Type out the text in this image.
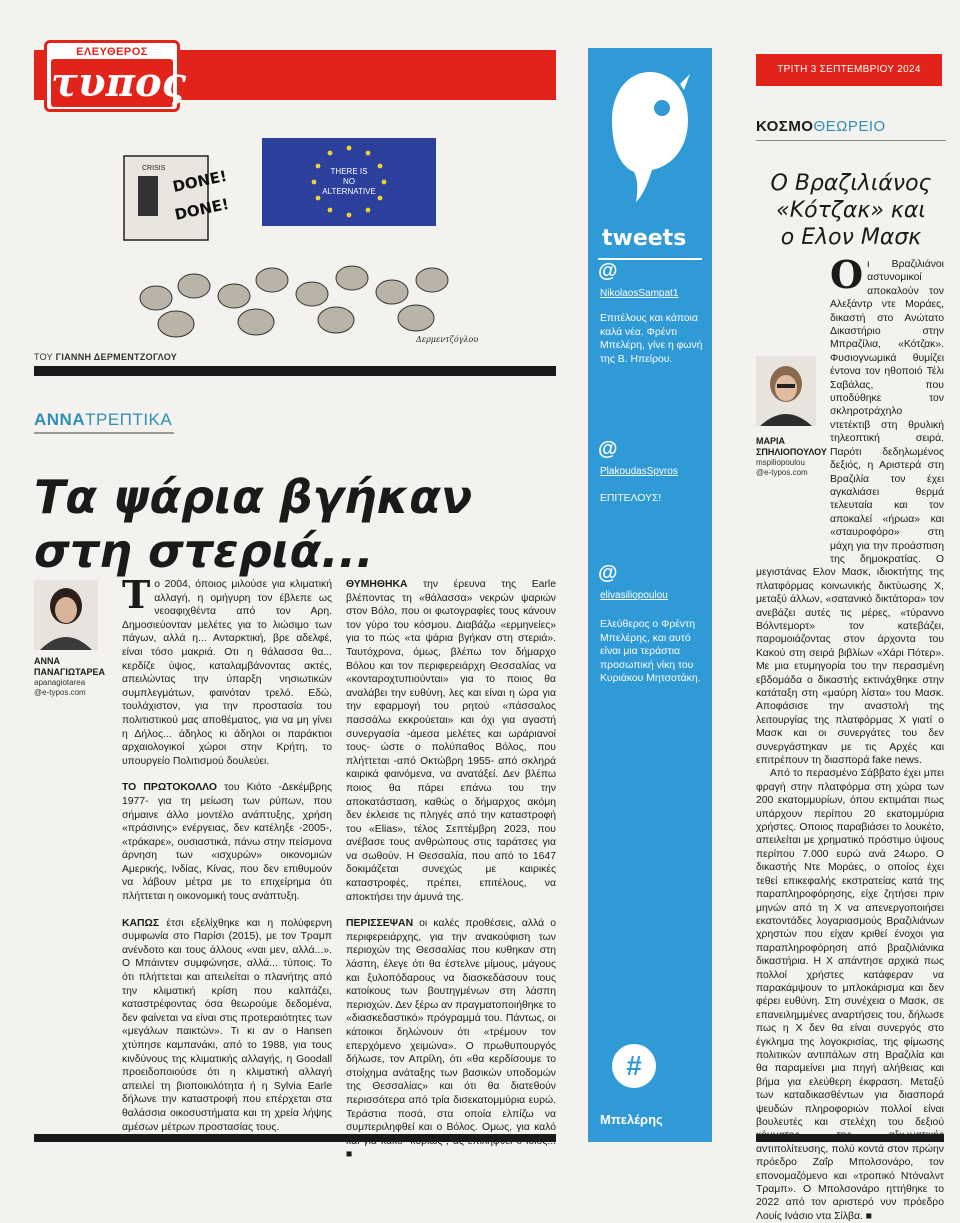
ΕΛΕΥΘΕΡΟΣ
τυπος
THERE IS
NO
ALTERNATIVE
CRISIS DONE!
DONE!
Δερμεντζόγλου
ΤΟΥ ΓΙΑΝΝΗ ΔΕΡΜΕΝΤΖΟΓΛΟΥ
ΑΝΝΑΤΡΕΠΤΙΚΑ
Τα ψάρια βγήκαν
στη στεριά...
ΑΝΝΑ
ΠΑΝΑΓΙΩΤΑΡΕΑ
apanagiotarea
@e-typos.com

Το 2004, όποιος μιλούσε για κλιματική αλλαγή, η ομήγυρη τον έβλεπε ως νεοαφιχθέντα από τον Αρη. Δημοσιεύονταν μελέτες για το λιώσιμο των πάγων, αλλά η... Ανταρκτική, βρε αδελφέ, είναι τόσο μακριά. Οτι η θάλασσα θα... κερδίζε ύψος, καταλαμβάνοντας ακτές, απειλώντας την ύπαρξη νησιωτικών συμπλεγμάτων, φαινόταν τρελό. Εδώ, τουλάχιστον, για την προστασία του πολιτιστικού μας αποθέματος, για να μη γίνει η Δήλος... άδηλος κι άδηλοι οι παράκτιοι αρχαιολογικοί χώροι στην Κρήτη, το υπουργείο Πολιτισμού δουλεύει.

ΤΟ ΠΡΩΤΟΚΟΛΛΟ του Κιότο -Δεκέμβρης 1977- για τη μείωση των ρύπων, που σήμαινε άλλο μοντέλο ανάπτυξης, χρήση «πράσινης» ενέργειας, δεν κατέληξε -2005-, «τράκαρε», ουσιαστικά, πάνω στην πείσμονα άρνηση των «ισχυρών» οικονομιών Αμερικής, Ινδίας, Κίνας, που δεν επιθυμούν να λάβουν μέτρα με το επιχείρημα ότι πλήττεται η οικονομική τους ανάπτυξη.

ΚΑΠΩΣ έτσι εξελίχθηκε και η πολύφερνη συμφωνία στο Παρίσι (2015), με τον Τραμπ ανένδοτο και τους άλλους «ναι μεν, αλλά...». Ο Μπάιντεν συμφώνησε, αλλά... τύποις. Το ότι πλήττεται και απειλείται ο πλανήτης από την κλιματική κρίση που καλπάζει, καταστρέφοντας όσα θεωρούμε δεδομένα, δεν φαίνεται να είναι στις προτεραιότητες των «μεγάλων παικτών». Τι κι αν ο Hansen χτύπησε καμπανάκι, από το 1988, για τους κινδύνους της κλιματικής αλλαγής, η Goodall προειδοποιούσε ότι η κλιματική αλλαγή απειλεί τη βιοποικιλότητα ή η Sylvia Earle δήλωνε την καταστροφή που επέρχεται στα θαλάσσια οικοσυστήματα και τη χρεία λήψης αμέσων μέτρων προστασίας τους.

ΘΥΜΗΘΗΚΑ την έρευνα της Earle βλέποντας τη «θάλασσα» νεκρών ψαριών στον Βόλο, που οι φωτογραφίες τους κάνουν τον γύρο του κόσμου. Διαβάζω «ερμηνείες» για το πώς «τα ψάρια βγήκαν στη στεριά». Ταυτόχρονα, όμως, βλέπω τον δήμαρχο Βόλου και τον περιφερειάρχη Θεσσαλίας να «κονταροχτυπιούνται» για το ποιος θα αναλάβει την ευθύνη, λες και είναι η ώρα για την εφαρμογή του ρητού «πάσσαλος πασσάλω εκκρούεται» και όχι για αγαστή συνεργασία -άμεσα μελέτες και ωράριανοί τους- ώστε ο πολύπαθος Βόλος, που πλήττεται -από Οκτώβρη 1955- από σκληρά καιρικά φαινόμενα, να ανατάξεί. Δεν βλέπω ποιος θα πάρει επάνω του την αποκατάσταση, καθώς ο δήμαρχος ακόμη δεν έκλεισε τις πληγές από την καταστροφή του «Elias», τέλος Σεπτέμβρη 2023, που ανέβασε τους ανθρώπους στις ταράτσες για να σωθούν. Η Θεσσαλία, που από το 1647 δοκιμάζεται συνεχώς με καιρικές καταστροφές, πρέπει, επιτέλους, να αποκτήσει την άμυνά της.

ΠΕΡΙΣΣΕΨΑΝ οι καλές προθέσεις, αλλά ο περιφερειάρχης, για την ανακούφιση των περιοχών της Θεσσαλίας που κυθηκαν στη λάσπη, έλεγε ότι θα έστελνε μίμους, μάγους και ξυλοπόδαρους να διασκεδάσουν τους κατοίκους των βουτηγμένων στη λάσπη περιοχών. Δεν ξέρω αν πραγματοποιήθηκε το «διασκεδαστικό» πρόγραμμά του. Πάντως, οι κάτοικοι δηλώνουν ότι «τρέμουν τον επερχόμενο χειμώνα». Ο πρωθυπουργός δήλωσε, τον Απρίλη, ότι «θα κερδίσουμε το στοίχημα ανάταξης των βασικών υποδομών της Θεσσαλίας» και ότι θα διατεθούν περισσότερα από τρία δισεκατομμύρια ευρώ. Τεράστια ποσά, στα οποία ελπίζω να συμπεριληφθεί και ο Βόλος. Ομως, για καλό ■

tweets
@
NikolaosSampat1
Επιτέλους και κάποια καλά νέα. Φρέντι Μπελέρη, γίνε η φωνή της Β. Ηπείρου.
@
PlakoudasSpyros
ΕΠΙΤΕΛΟΥΣ!
@
elivasiliopoulou
Ελεύθερος ο Φρέντη Μπελέρης, και αυτό είναι μια τεράστια προσωπική νίκη του Κυριάκου Μητσοτάκη.
#
Μπελέρης
ΤΡΙΤΗ 3 ΣΕΠΤΕΜΒΡΙΟΥ 2024
ΚΟΣΜΟΘΕΩΡΕΙΟ
Ο Βραζιλιάνος
«Κότζακ» και
ο Ελον Μασκ
ΜΑΡΙΑ ΣΠΗΛΙΟΠΟΥΛΟΥ
mspiliopoulou
@e-typos.com

Οι Βραζιλιάνοι αστυνομικοί αποκαλούν τον Αλεξάντρ ντε Μοράες, δικαστή στο Ανώτατο Δικαστήριο στην Μπραζίλια, «Κότζακ». Φυσιογνωμικά θυμίζει έντονα τον ηθοποιό Τέλι Σαβάλας, που υποδύθηκε τον σκληροτράχηλο ντετέκτιβ στη θρυλική τηλεοπτική σειρά. Παρότι δεδηλωμένος δεξιός, η Αριστερά στη Βραζιλία τον έχει αγκαλιάσει θερμά τελευταία και τον αποκαλεί «ήρωα» και «σταυροφόρο» στη μάχη για την προάσπιση της δημοκρατίας. Ο μεγιστάνας Ελον Μασκ, ιδιοκτήτης της πλατφόρμας κοινωνικής δικτύωσης Χ, μεταξύ άλλων, «σατανικό δικτάτορα» τον ανεβάζει αυτές τις μέρες, «τύραννο Βόλντεμορτ» τον κατεβάζει, παρομοιάζοντας στον άρχοντα του Κακού στη σειρά βιβλίων «Χάρι Πότερ». Με μια ετυμηγορία του την περασμένη εβδομάδα ο δικαστής εκτινάχθηκε στην κατάταξη στη «μαύρη λίστα» του Μασκ. Αποφάσισε την αναστολή της λειτουργίας της πλατφόρμας Χ γιατί ο Μασκ και οι συνεργάτες του δεν συνεργάστηκαν με τις Αρχές και επιτρέπουν τη διασπορά fake news.

Από το περασμένο Σάββατο έχει μπει φραγή στην πλατφόρμα στη χώρα των 200 εκατομμυρίων, όπου εκτιμάται πως υπάρχουν περίπου 20 εκατομμύρια χρήστες. Οποιος παραβιάσει το λουκέτο, απειλείται με χρηματικό πρόστιμο ύψους περίπου 7.000 ευρώ ανά 24ωρο. Ο δικαστής Ντε Μοράες, ο οποίος έχει τεθεί επικεφαλής εκστρατείας κατά της παραπληροφόρησης, είχε ζητήσει πριν μηνών από τη Χ να απενεργοποιήσει εκατοντάδες λογαριασμούς Βραζιλιάνων χρηστών που είχαν κριθεί ένοχοι για παραπληροφόρηση από βραζιλιάνικα δικαστήρια. Η Χ απάντησε αρχικά πως πολλοί χρήστες κατάφεραν να παρακάμψουν το μπλοκάρισμα και δεν φέρει ευθύνη. Στη συνέχεια ο Μασκ, σε επανειλημμένες αναρτήσεις του, δήλωσε πως η Χ δεν θα είναι συνεργός στο έγκλημα της λογοκρισίας, της φίμωσης πολιτικών αντιπάλων στη Βραζιλία και θα παραμείνει μια πηγή αλήθειας και βήμα για ελεύθερη έκφραση. Μεταξύ των καταδικασθέντων για διασπορά ψευδών πληροφοριών πολλοί είναι βουλευτές και στελέχη του δεξιού αντιπολίτευσης, πολύ κοντά στον πρώην πρόεδρο Ζαΐρ Μπολσονάρο, τον επονομαζόμενο και «τροπικό Ντόναλντ Τραμπ». Ο Μπολσονάρο ηττήθηκε το 2022 από τον αριστερό νυν πρόεδρο Λουίς Ινάσιο ντα Σίλβα. ■
